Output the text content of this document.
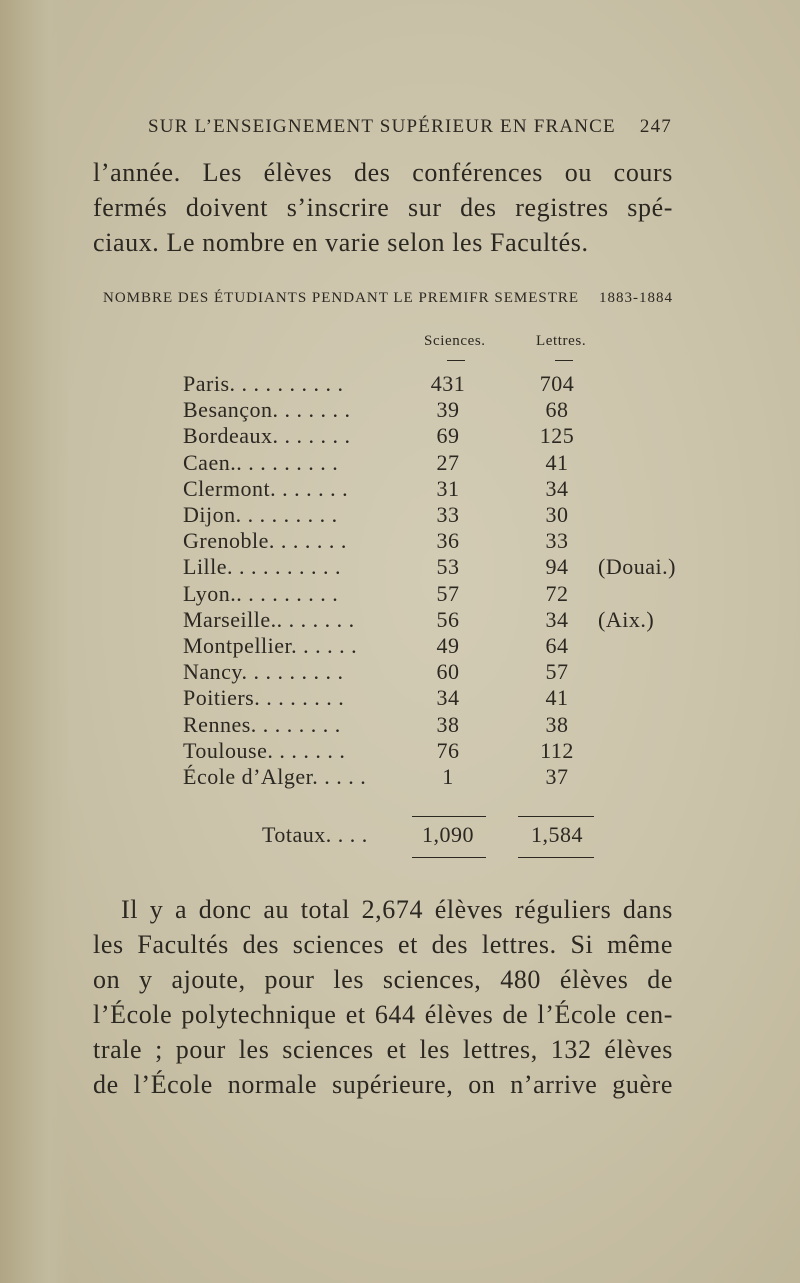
SUR L’ENSEIGNEMENT SUPÉRIEUR EN FRANCE 247
l’année. Les élèves des conférences ou cours
fermés doivent s’inscrire sur des registres spé-
ciaux. Le nombre en varie selon les Facultés.
NOMBRE DES ÉTUDIANTS PENDANT LE PREMIFR SEMESTRE 1883-1884
Sciences.	Lettres.
Paris. . . . . . . . . .	431	704
Besançon. . . . . . .	39	68
Bordeaux. . . . . . .	69	125
Caen.. . . . . . . . .	27	41
Clermont. . . . . . .	31	34
Dijon. . . . . . . . .	33	30
Grenoble. . . . . . .	36	33
Lille. . . . . . . . . .	53	94	(Douai.)
Lyon.. . . . . . . . .	57	72
Marseille.. . . . . . .	56	34	(Aix.)
Montpellier. . . . . .	49	64
Nancy. . . . . . . . .	60	57
Poitiers. . . . . . . .	34	41
Rennes. . . . . . . .	38	38
Toulouse. . . . . . .	76	112
École d’Alger. . . . .	1	37
Totaux. . . .	1,090	1,584
Il y a donc au total 2,674 élèves réguliers dans
les Facultés des sciences et des lettres. Si même
on y ajoute, pour les sciences, 480 élèves de
l’École polytechnique et 644 élèves de l’École cen-
trale ; pour les sciences et les lettres, 132 élèves
de l’École normale supérieure, on n’arrive guère
